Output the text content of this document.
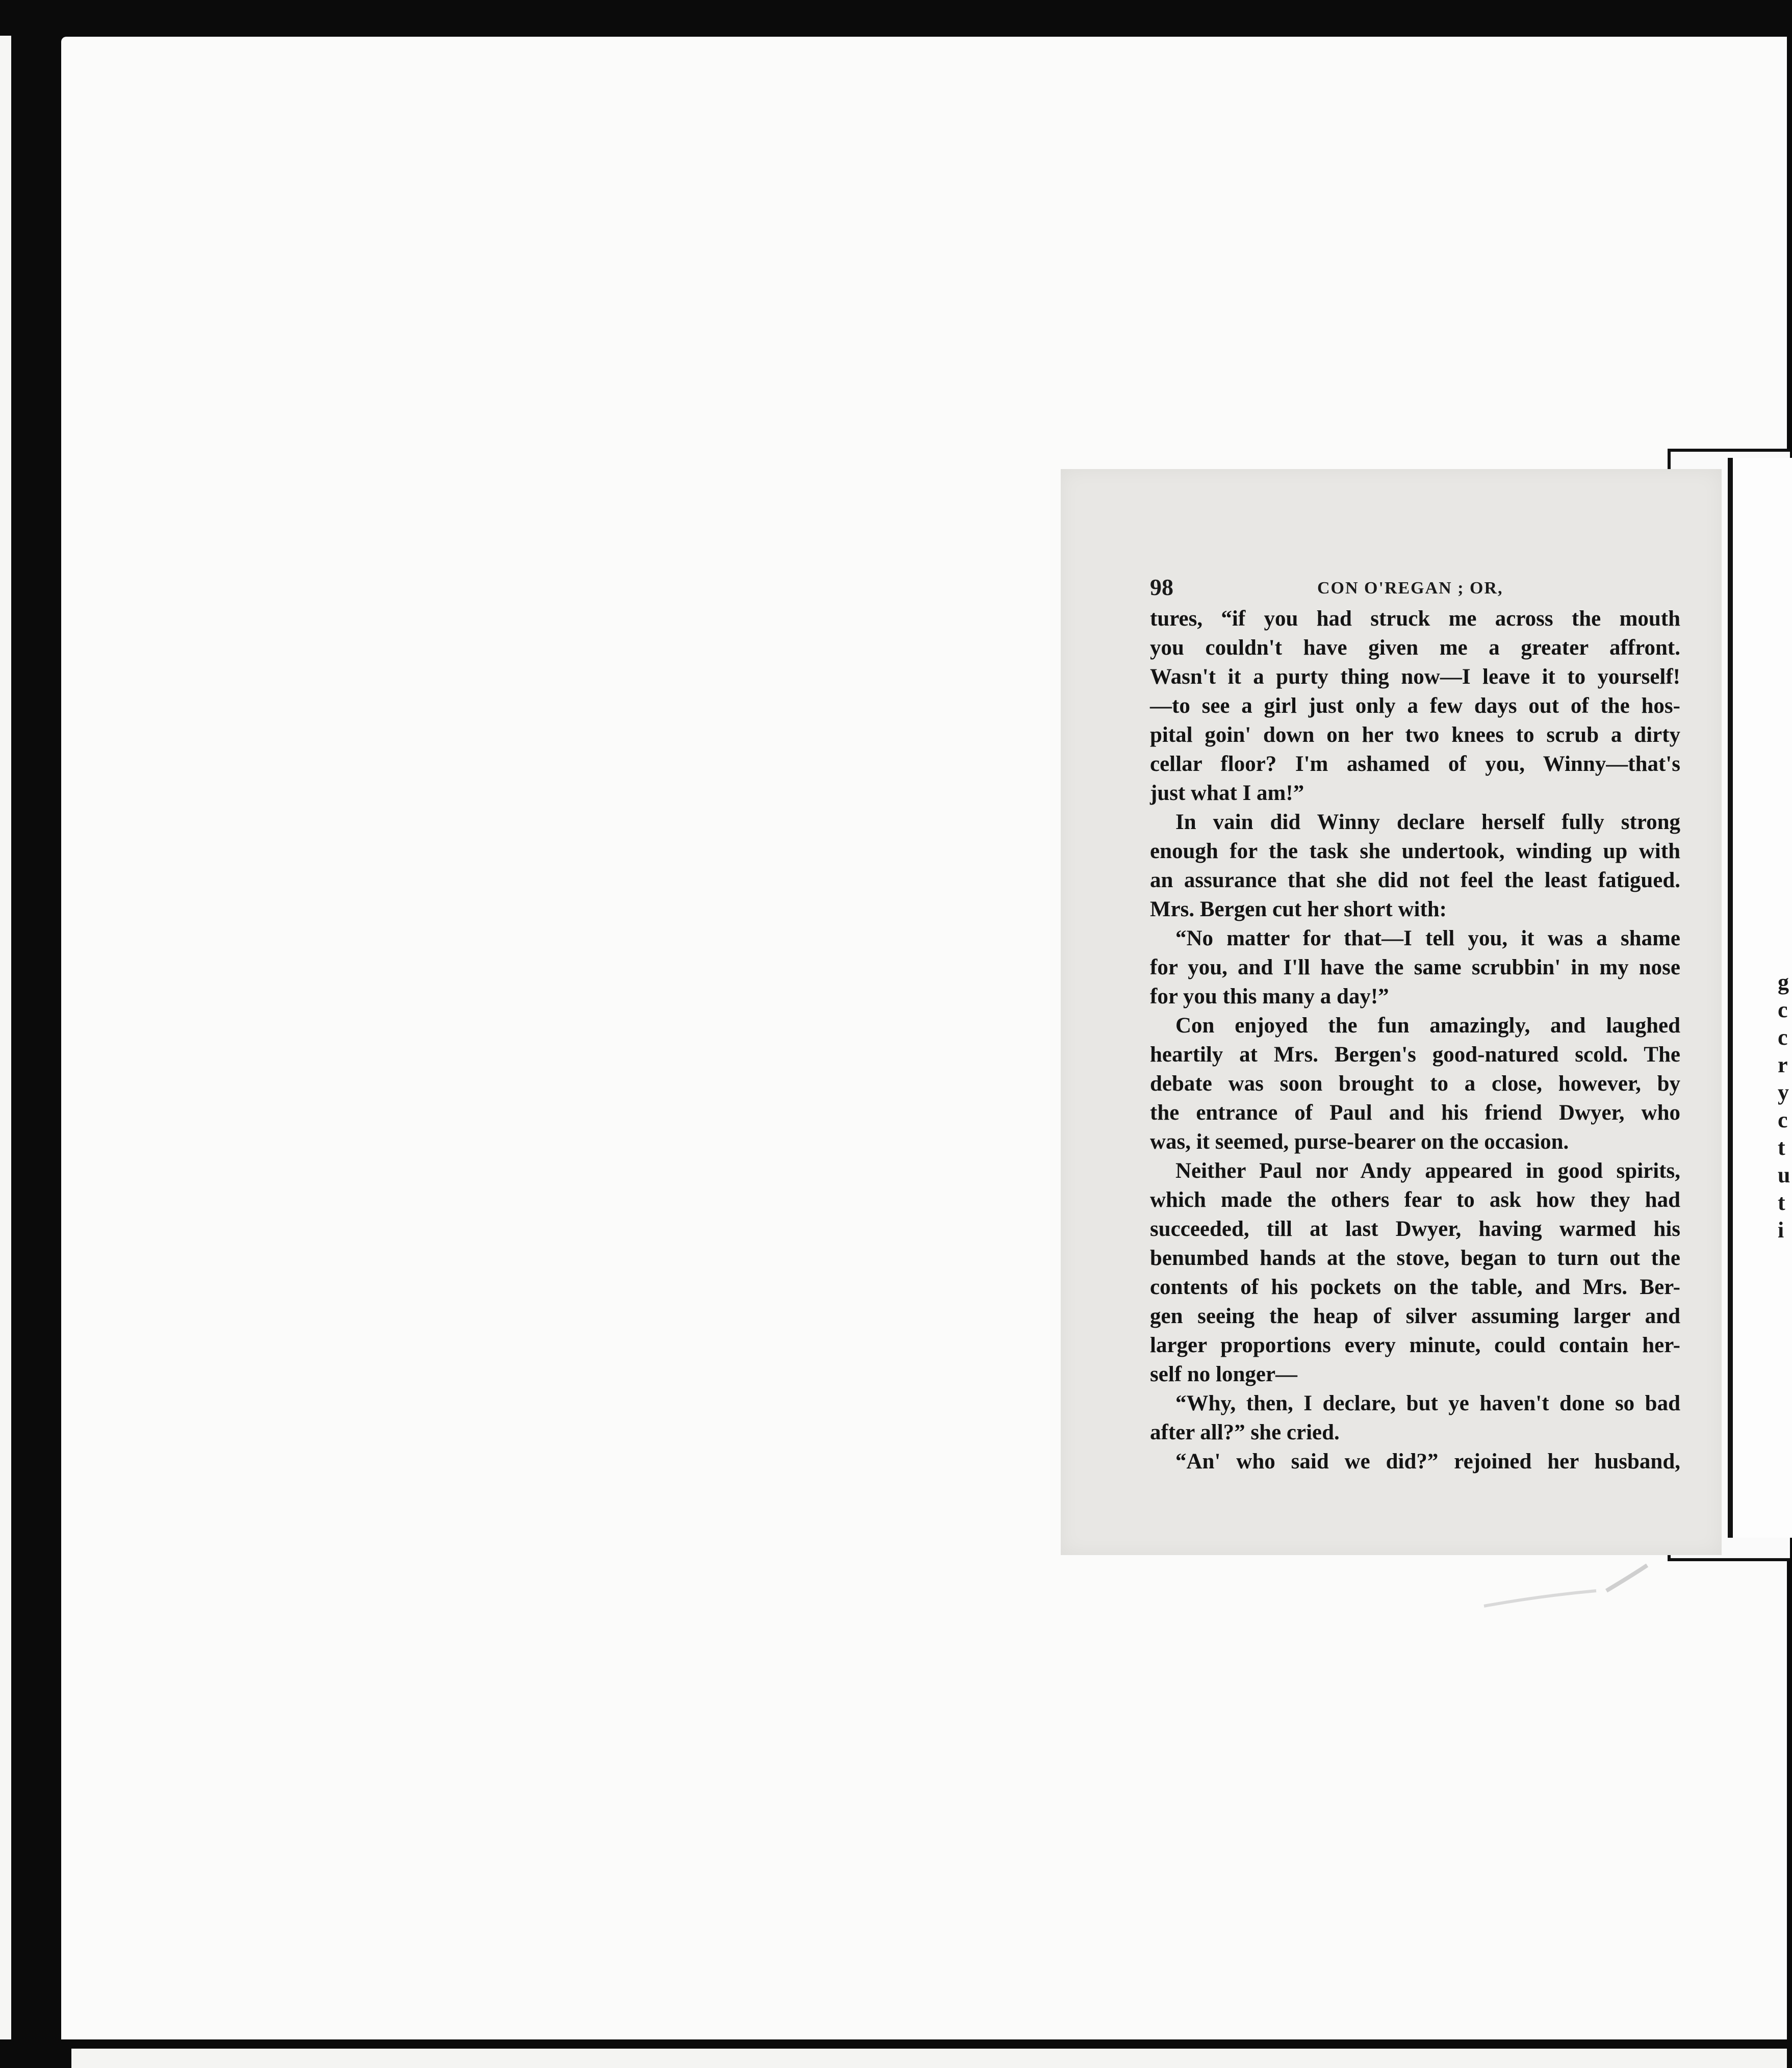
g
c
c
r
y
c
t
u
t
i
98	CON O'REGAN ; OR,
tures, “if you had struck me across the mouth
you couldn't have given me a greater affront.
Wasn't it a purty thing now—I leave it to yourself!
—to see a girl just only a few days out of the hos-
pital goin' down on her two knees to scrub a dirty
cellar floor? I'm ashamed of you, Winny—that's
just what I am!”
In vain did Winny declare herself fully strong
enough for the task she undertook, winding up with
an assurance that she did not feel the least fatigued.
Mrs. Bergen cut her short with:
“No matter for that—I tell you, it was a shame
for you, and I'll have the same scrubbin' in my nose
for you this many a day!”
Con enjoyed the fun amazingly, and laughed
heartily at Mrs. Bergen's good-natured scold. The
debate was soon brought to a close, however, by
the entrance of Paul and his friend Dwyer, who
was, it seemed, purse-bearer on the occasion.
Neither Paul nor Andy appeared in good spirits,
which made the others fear to ask how they had
succeeded, till at last Dwyer, having warmed his
benumbed hands at the stove, began to turn out the
contents of his pockets on the table, and Mrs. Ber-
gen seeing the heap of silver assuming larger and
larger proportions every minute, could contain her-
self no longer—
“Why, then, I declare, but ye haven't done so bad
after all?” she cried.
“An' who said we did?” rejoined her husband,
